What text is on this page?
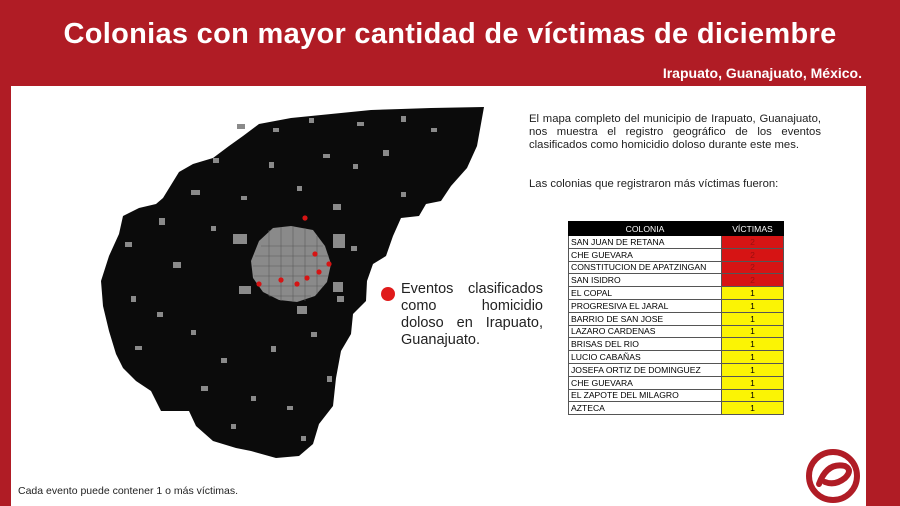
Colonias con mayor cantidad de víctimas de diciembre
Irapuato, Guanajuato, México.
Eventos clasificados como homicidio doloso en Irapuato, Guanajuato.
El mapa completo del municipio de Irapuato, Guanajuato, nos muestra el registro geográfico de los eventos clasificados como homicidio doloso durante este mes.
Las colonias que registraron más víctimas fueron:
COLONIA	VÍCTIMAS
SAN JUAN DE RETANA	2
CHE GUEVARA	2
CONSTITUCION DE APATZINGAN	2
SAN ISIDRO	2
EL COPAL	1
PROGRESIVA EL JARAL	1
BARRIO DE SAN JOSE	1
LAZARO CARDENAS	1
BRISAS DEL RIO	1
LUCIO CABAÑAS	1
JOSEFA ORTIZ DE DOMINGUEZ	1
CHE GUEVARA	1
EL ZAPOTE DEL MILAGRO	1
AZTECA	1
Cada evento puede contener 1 o más víctimas.
